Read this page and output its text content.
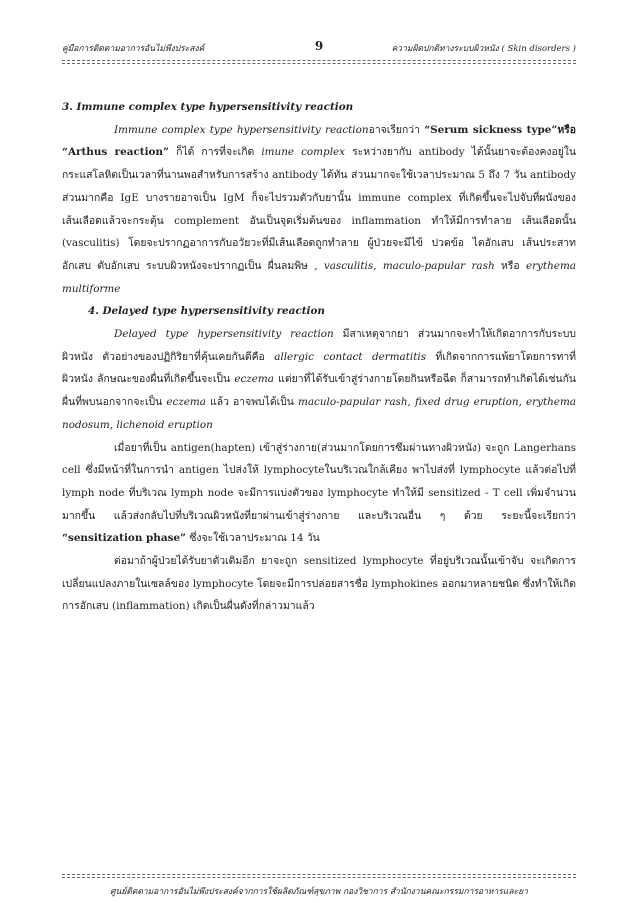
คู่มือการติดตามอาการอันไม่พึงประสงค์	9	ความผิดปกติทางระบบผิวหนัง ( Skin disorders )

3. Immune complex type hypersensitivity reaction

Immune complex type hypersensitivity reactionอาจเรียกว่า “Serum sickness type”หรือ “Arthus reaction” ก็ได้ การที่จะเกิด imune complex ระหว่างยากับ antibody ได้นั้นยาจะต้องคงอยู่ในกระแสโลหิตเป็นเวลาที่นานพอสำหรับการสร้าง antibody ได้ทัน ส่วนมากจะใช้เวลาประมาณ 5 ถึง 7 วัน antibody ส่วนมากคือ IgE บางรายอาจเป็น IgM ก็จะไปรวมตัวกับยานั้น immune complex ที่เกิดขึ้นจะไปจับที่ผนังของเส้นเลือดแล้วจะกระตุ้น complement อันเป็นจุดเริ่มต้นของ inflammation ทำให้มีการทำลาย เส้นเลือดนั้น (vasculitis) โดยจะปรากฏอาการกับอวัยวะที่มีเส้นเลือดถูกทำลาย ผู้ป่วยจะมีไข้ ปวดข้อ ไตอักเสบ เส้นประสาทอักเสบ ตับอักเสบ ระบบผิวหนังจะปรากฏเป็น ผื่นลมพิษ , vasculitis, maculo-papular rash หรือ erythema multiforme

4. Delayed type hypersensitivity reaction

Delayed type hypersensitivity reaction มีสาเหตุจากยา ส่วนมากจะทำให้เกิดอาการกับระบบผิวหนัง ตัวอย่างของปฏิกิริยาที่คุ้นเคยกันดีคือ allergic contact dermatitis ที่เกิดจากการแพ้ยาโดยการทาที่ผิวหนัง ลักษณะของผื่นที่เกิดขึ้นจะเป็น eczema แต่ยาที่ได้รับเข้าสู่ร่างกายโดยกินหรือฉีด ก็สามารถทำเกิดได้เช่นกัน ผื่นที่พบนอกจากจะเป็น eczema แล้ว อาจพบได้เป็น maculo-papular rash, fixed drug eruption, erythema nodosum, lichenoid eruption

เมื่อยาที่เป็น antigen(hapten) เข้าสู่ร่างกาย(ส่วนมากโดยการซึมผ่านทางผิวหนัง) จะถูก Langerhans cell ซึ่งมีหน้าที่ในการนำ antigen ไปส่งให้ lymphocyteในบริเวณใกล้เคียง พาไปส่งที่ lymphocyte แล้วต่อไปที่ lymph node ที่บริเวณ lymph node จะมีการแบ่งตัวของ lymphocyte ทำให้มี sensitized - T cell เพิ่มจำนวนมากขึ้น แล้วส่งกลับไปที่บริเวณผิวหนังที่ยาผ่านเข้าสู่ร่างกาย และบริเวณอื่น ๆ ด้วย ระยะนี้จะเรียกว่า “sensitization phase” ซึ่งจะใช้เวลาประมาณ 14 วัน

ต่อมาถ้าผู้ป่วยได้รับยาตัวเดิมอีก ยาจะถูก sensitized lymphocyte ที่อยู่บริเวณนั้นเข้าจับ จะเกิดการเปลี่ยนแปลงภายในเซลล์ของ lymphocyte โดยจะมีการปล่อยสารชื่อ lymphokines ออกมาหลายชนิด ซึ่งทำให้เกิดการอักเสบ (inflammation) เกิดเป็นผื่นดังที่กล่าวมาแล้ว

ศูนย์ติดตามอาการอันไม่พึงประสงค์จากการใช้ผลิตภัณฑ์สุขภาพ กองวิชาการ สำนักงานคณะกรรมการอาหารและยา
